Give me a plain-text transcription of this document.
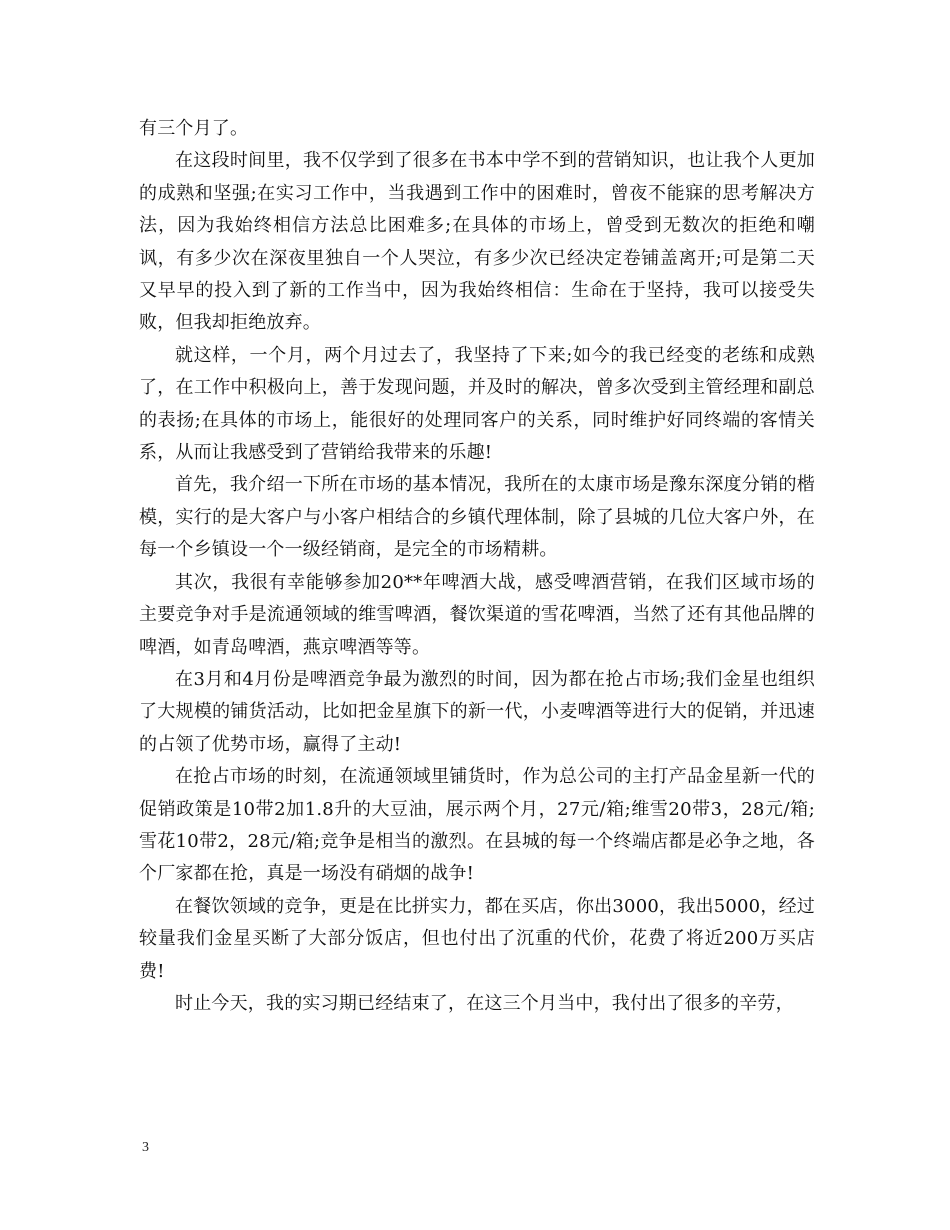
有三个月了。

在这段时间里，我不仅学到了很多在书本中学不到的营销知识，也让我个人更加的成熟和坚强;在实习工作中，当我遇到工作中的困难时，曾夜不能寐的思考解决方法，因为我始终相信方法总比困难多;在具体的市场上，曾受到无数次的拒绝和嘲讽，有多少次在深夜里独自一个人哭泣，有多少次已经决定卷铺盖离开;可是第二天又早早的投入到了新的工作当中，因为我始终相信：生命在于坚持，我可以接受失败，但我却拒绝放弃。

就这样，一个月，两个月过去了，我坚持了下来;如今的我已经变的老练和成熟了，在工作中积极向上，善于发现问题，并及时的解决，曾多次受到主管经理和副总的表扬;在具体的市场上，能很好的处理同客户的关系，同时维护好同终端的客情关系，从而让我感受到了营销给我带来的乐趣!

首先，我介绍一下所在市场的基本情况，我所在的太康市场是豫东深度分销的楷模，实行的是大客户与小客户相结合的乡镇代理体制，除了县城的几位大客户外，在每一个乡镇设一个一级经销商，是完全的市场精耕。

其次，我很有幸能够参加20**年啤酒大战，感受啤酒营销，在我们区域市场的主要竞争对手是流通领域的维雪啤酒，餐饮渠道的雪花啤酒，当然了还有其他品牌的啤酒，如青岛啤酒，燕京啤酒等等。

在3月和4月份是啤酒竞争最为激烈的时间，因为都在抢占市场;我们金星也组织了大规模的铺货活动，比如把金星旗下的新一代，小麦啤酒等进行大的促销，并迅速的占领了优势市场，赢得了主动!

在抢占市场的时刻，在流通领域里铺货时，作为总公司的主打产品金星新一代的促销政策是10带2加1.8升的大豆油，展示两个月，27元/箱;维雪20带3，28元/箱;雪花10带2，28元/箱;竞争是相当的激烈。在县城的每一个终端店都是必争之地，各个厂家都在抢，真是一场没有硝烟的战争!

在餐饮领域的竞争，更是在比拼实力，都在买店，你出3000，我出5000，经过较量我们金星买断了大部分饭店，但也付出了沉重的代价，花费了将近200万买店费!

时止今天，我的实习期已经结束了，在这三个月当中，我付出了很多的辛劳，

3
